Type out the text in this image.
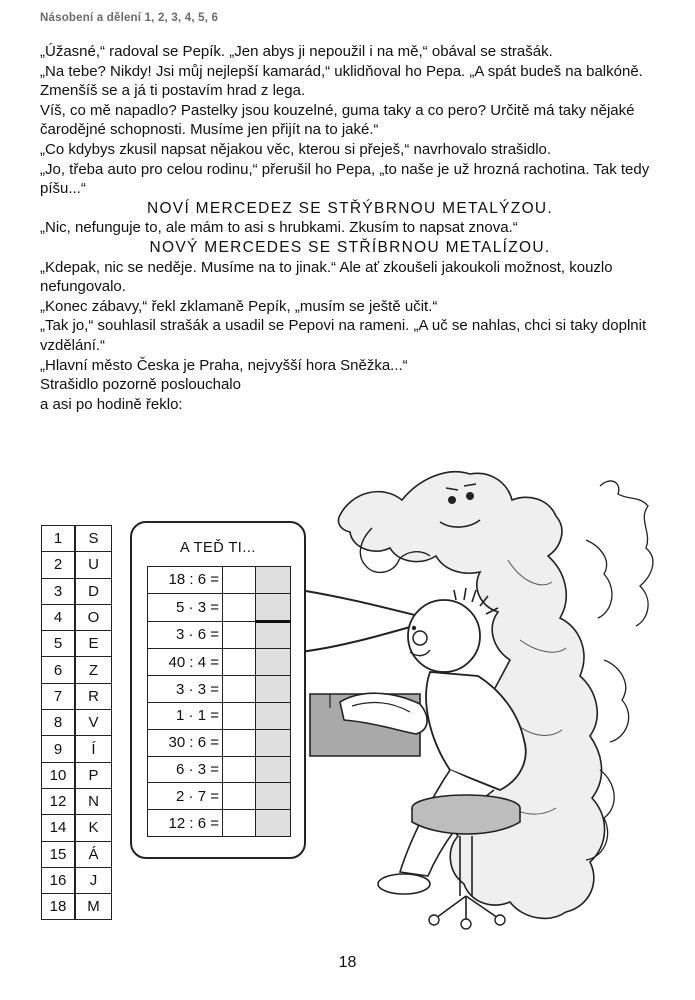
Násobení a dělení 1, 2, 3, 4, 5, 6

„Úžasné,“ radoval se Pepík. „Jen abys ji nepoužil i na mě,“ obával se strašák.

„Na tebe? Nikdy! Jsi můj nejlepší kamarád,“ uklidňoval ho Pepa. „A spát budeš na balkóně. Zmenšíš se a já ti postavím hrad z lega.

Víš, co mě napadlo? Pastelky jsou kouzelné, guma taky a co pero? Určitě má taky nějaké čarodějné schopnosti. Musíme jen přijít na to jaké.“

„Co kdybys zkusil napsat nějakou věc, kterou si přeješ,“ navrhovalo strašidlo.

„Jo, třeba auto pro celou rodinu,“ přerušil ho Pepa, „to naše je už hrozná rachotina. Tak tedy píšu...“

NOVÍ MERCEDEZ SE STŘÝBRNOU METALÝZOU.

„Nic, nefunguje to, ale mám to asi s hrubkami. Zkusím to napsat znova.“

NOVÝ MERCEDES SE STŘÍBRNOU METALÍZOU.

„Kdepak, nic se neděje. Musíme na to jinak.“ Ale ať zkoušeli jakoukoli možnost, kouzlo nefungovalo.

„Konec zábavy,“ řekl zklamaně Pepík, „musím se ještě učit.“

„Tak jo,“ souhlasil strašák a usadil se Pepovi na rameni. „A uč se nahlas, chci si taky doplnit vzdělání.“

„Hlavní město Česka je Praha, nejvyšší hora Sněžka...“

Strašidlo pozorně poslouchalo

a asi po hodině řeklo:

1	S
2	U
3	D
4	O
5	E
6	Z
7	R
8	V
9	Í
10	P
12	N
14	K
15	Á
16	J
18	M
A TEĎ TI...
18 : 6 =		
5 · 3 =		
3 · 6 =		
40 : 4 =		
3 · 3 =		
1 · 1 =		
30 : 6 =		
6 · 3 =		
2 · 7 =		
12 : 6 =		
18
